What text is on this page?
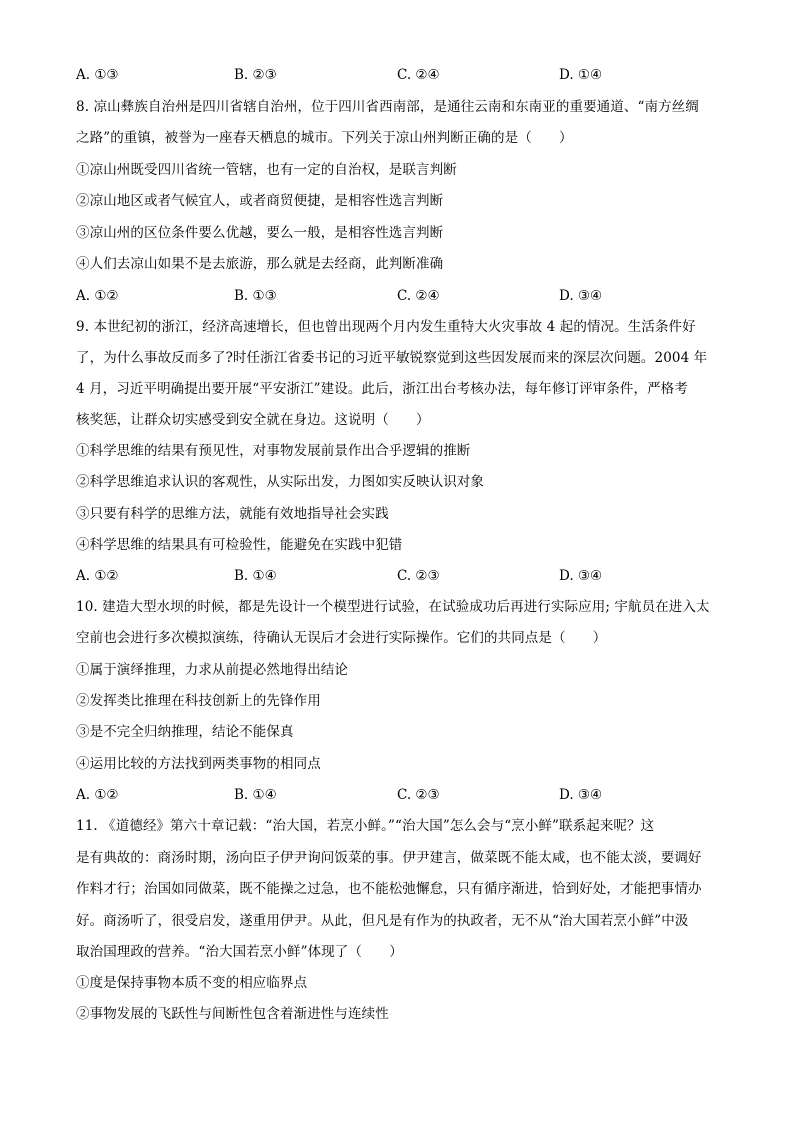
A. ①③	B. ②③	C. ②④	D. ①④
8. 凉山彝族自治州是四川省辖自治州，位于四川省西南部，是通往云南和东南亚的重要通道、“南方丝绸
之路”的重镇，被誉为一座春天栖息的城市。下列关于凉山州判断正确的是（　　）
①凉山州既受四川省统一管辖，也有一定的自治权，是联言判断
②凉山地区或者气候宜人，或者商贸便捷，是相容性选言判断
③凉山州的区位条件要么优越，要么一般，是相容性选言判断
④人们去凉山如果不是去旅游，那么就是去经商，此判断准确
A. ①②	B. ①③	C. ②④	D. ③④
9. 本世纪初的浙江，经济高速增长，但也曾出现两个月内发生重特大火灾事故 4 起的情况。生活条件好
了，为什么事故反而多了?时任浙江省委书记的习近平敏锐察觉到这些因发展而来的深层次问题。2004 年
4 月，习近平明确提出要开展“平安浙江”建设。此后，浙江出台考核办法，每年修订评审条件，严格考
核奖惩，让群众切实感受到安全就在身边。这说明（　　）
①科学思维的结果有预见性，对事物发展前景作出合乎逻辑的推断
②科学思维追求认识的客观性，从实际出发，力图如实反映认识对象
③只要有科学的思维方法，就能有效地指导社会实践
④科学思维的结果具有可检验性，能避免在实践中犯错
A. ①②	B. ①④	C. ②③	D. ③④
10. 建造大型水坝的时候，都是先设计一个模型进行试验，在试验成功后再进行实际应用; 宇航员在进入太
空前也会进行多次模拟演练，待确认无误后才会进行实际操作。它们的共同点是（　　）
①属于演绎推理，力求从前提必然地得出结论
②发挥类比推理在科技创新上的先锋作用
③是不完全归纳推理，结论不能保真
④运用比较的方法找到两类事物的相同点
A. ①②	B. ①④	C. ②③	D. ③④
11. 《道德经》第六十章记载：“治大国，若烹小鲜。”“治大国”怎么会与“烹小鲜”联系起来呢？这
是有典故的：商汤时期，汤向臣子伊尹询问饭菜的事。伊尹建言，做菜既不能太咸，也不能太淡，要调好
作料才行；治国如同做菜，既不能操之过急，也不能松弛懈怠，只有循序渐进，恰到好处，才能把事情办
好。商汤听了，很受启发，遂重用伊尹。从此，但凡是有作为的执政者，无不从“治大国若烹小鲜”中汲
取治国理政的营养。“治大国若烹小鲜”体现了（　　）
①度是保持事物本质不变的相应临界点
②事物发展的飞跃性与间断性包含着渐进性与连续性
